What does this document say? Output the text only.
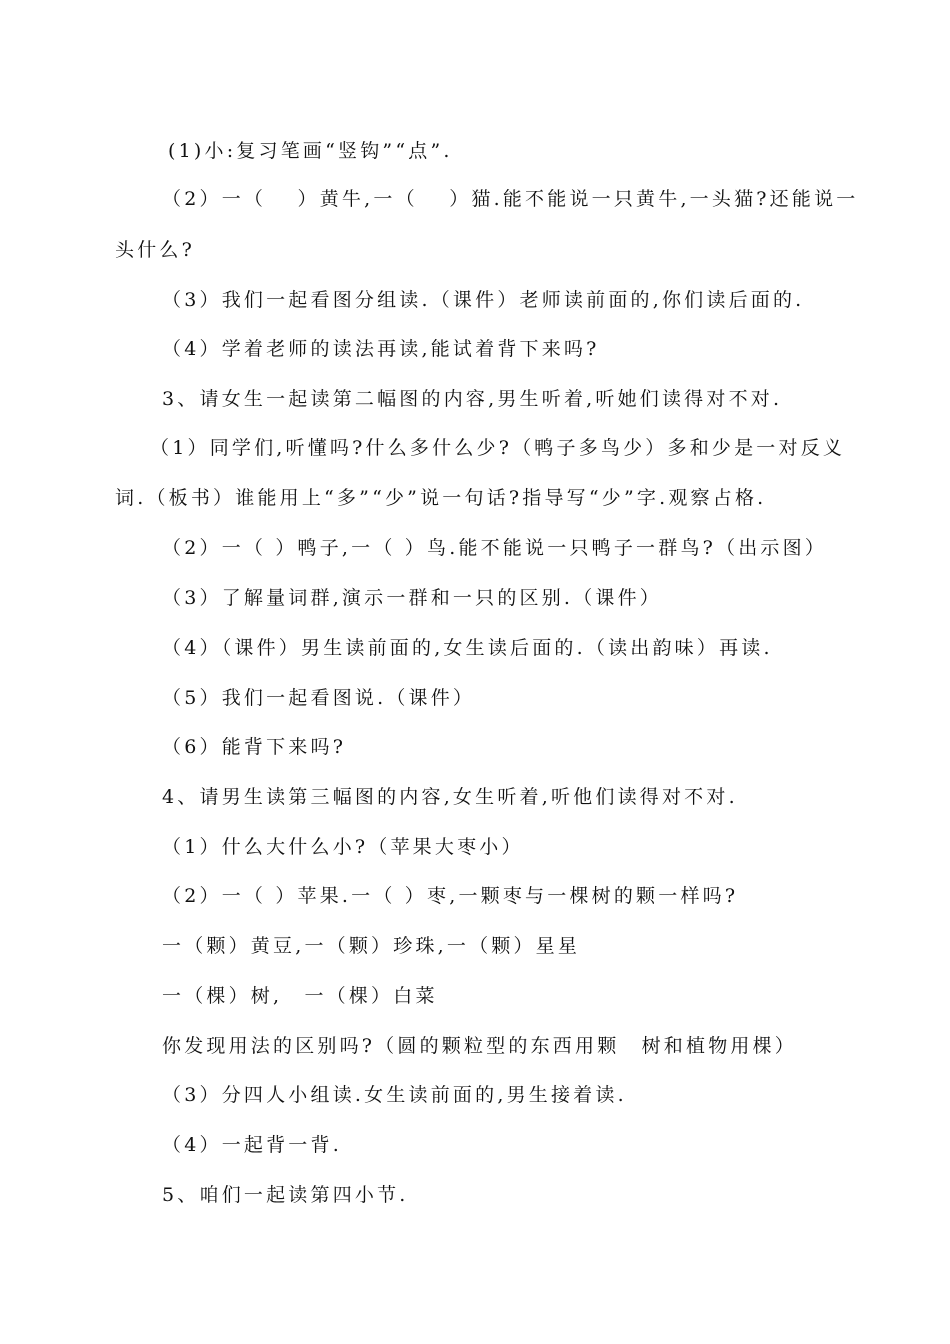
(1)小:复习笔画“竖钩”“点”.
（2）一（　 ）黄牛,一（　 ）猫.能不能说一只黄牛,一头猫?还能说一
头什么?
（3）我们一起看图分组读.（课件）老师读前面的,你们读后面的.
（4）学着老师的读法再读,能试着背下来吗?
3、请女生一起读第二幅图的内容,男生听着,听她们读得对不对.
（1）同学们,听懂吗?什么多什么少?（鸭子多鸟少）多和少是一对反义
词.（板书）谁能用上“多”“少”说一句话?指导写“少”字.观察占格.
（2）一（ ）鸭子,一（ ）鸟.能不能说一只鸭子一群鸟?（出示图）
（3）了解量词群,演示一群和一只的区别.（课件）
（4）（课件）男生读前面的,女生读后面的.（读出韵味）再读.
（5）我们一起看图说.（课件）
（6）能背下来吗?
4、请男生读第三幅图的内容,女生听着,听他们读得对不对.
（1）什么大什么小?（苹果大枣小）
（2）一（ ）苹果.一（ ）枣,一颗枣与一棵树的颗一样吗?
一（颗）黄豆,一（颗）珍珠,一（颗）星星
一（棵）树,　一（棵）白菜
你发现用法的区别吗?（圆的颗粒型的东西用颗　树和植物用棵）
（3）分四人小组读.女生读前面的,男生接着读.
（4）一起背一背.
5、咱们一起读第四小节.
